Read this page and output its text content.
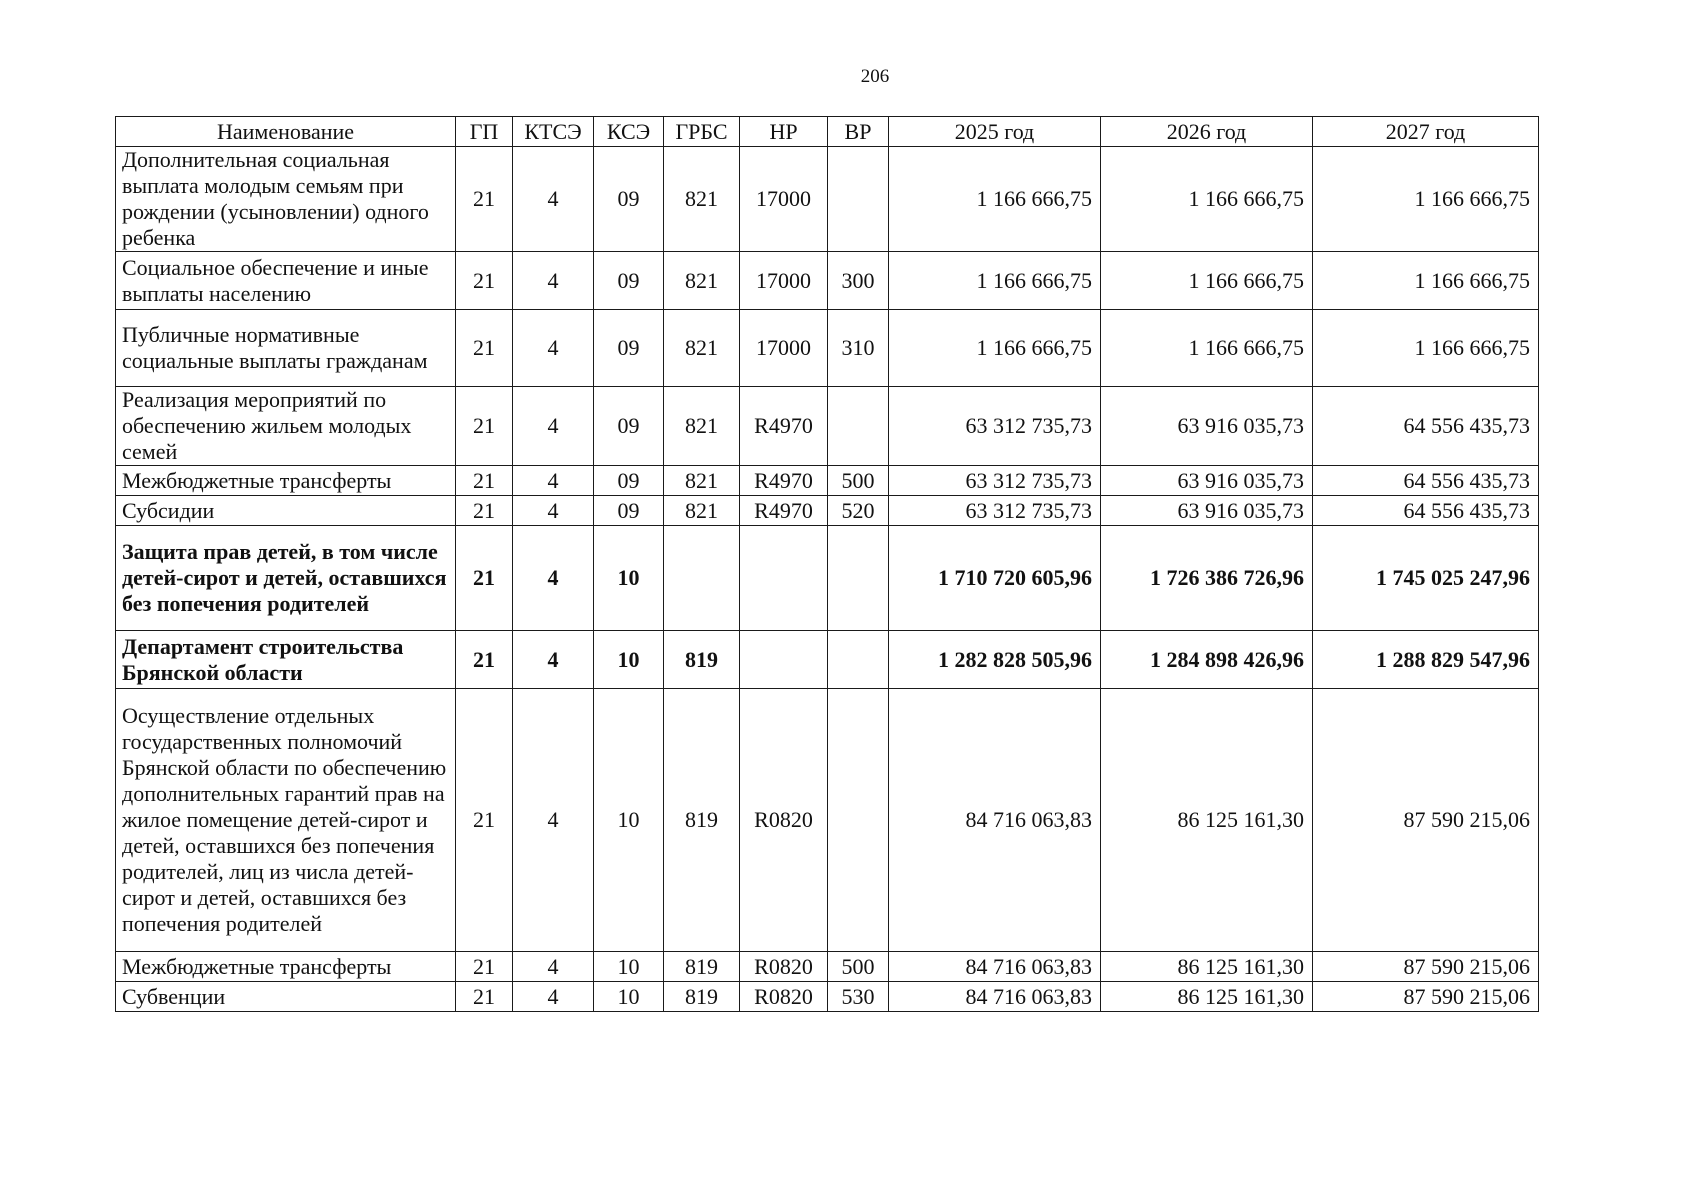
206
Наименование	ГП	КТСЭ	КСЭ	ГРБС	НР	ВР	2025 год	2026 год	2027 год
Дополнительная социальная выплата молодым семьям при рождении (усыновлении) одного ребенка	21	4	09	821	17000		1 166 666,75	1 166 666,75	1 166 666,75
Социальное обеспечение и иные выплаты населению	21	4	09	821	17000	300	1 166 666,75	1 166 666,75	1 166 666,75
Публичные нормативные социальные выплаты гражданам	21	4	09	821	17000	310	1 166 666,75	1 166 666,75	1 166 666,75
Реализация мероприятий по обеспечению жильем молодых семей	21	4	09	821	R4970		63 312 735,73	63 916 035,73	64 556 435,73
Межбюджетные трансферты	21	4	09	821	R4970	500	63 312 735,73	63 916 035,73	64 556 435,73
Субсидии	21	4	09	821	R4970	520	63 312 735,73	63 916 035,73	64 556 435,73
Защита прав детей, в том числе детей-сирот и детей, оставшихся без попечения родителей	21	4	10				1 710 720 605,96	1 726 386 726,96	1 745 025 247,96
Департамент строительства Брянской области	21	4	10	819			1 282 828 505,96	1 284 898 426,96	1 288 829 547,96
Осуществление отдельных государственных полномочий Брянской области по обеспечению дополнительных гарантий прав на жилое помещение детей-сирот и детей, оставшихся без попечения родителей, лиц из числа детей-сирот и детей, оставшихся без попечения родителей	21	4	10	819	R0820		84 716 063,83	86 125 161,30	87 590 215,06
Межбюджетные трансферты	21	4	10	819	R0820	500	84 716 063,83	86 125 161,30	87 590 215,06
Субвенции	21	4	10	819	R0820	530	84 716 063,83	86 125 161,30	87 590 215,06
